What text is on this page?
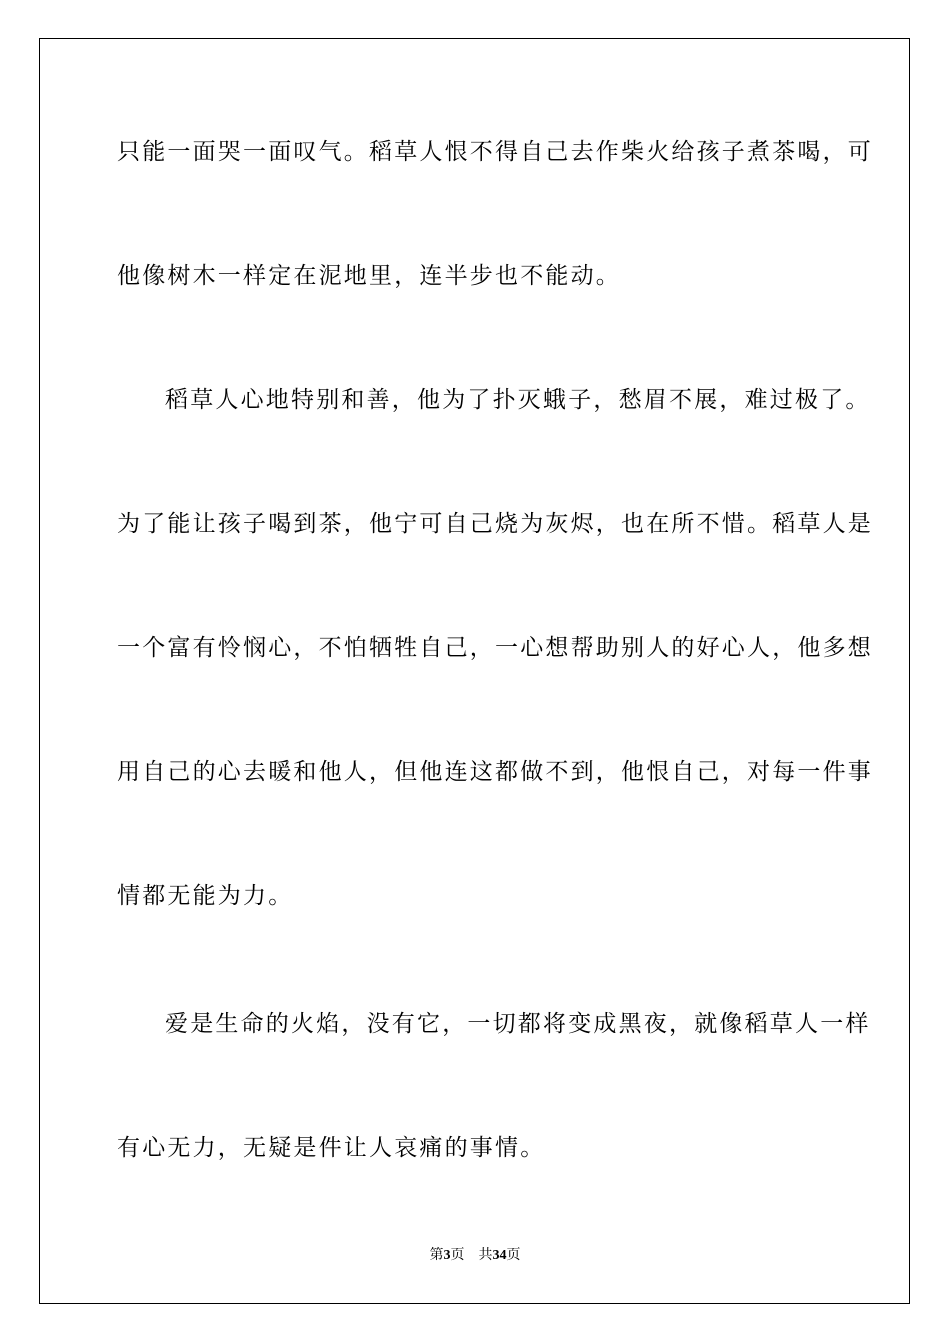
只能一面哭一面叹气。稻草人恨不得自己去作柴火给孩子煮茶喝，可
他像树木一样定在泥地里，连半步也不能动。
稻草人心地特别和善，他为了扑灭蛾子，愁眉不展，难过极了。
为了能让孩子喝到茶，他宁可自己烧为灰烬，也在所不惜。稻草人是
一个富有怜悯心，不怕牺牲自己，一心想帮助别人的好心人，他多想
用自己的心去暖和他人，但他连这都做不到，他恨自己，对每一件事
情都无能为力。
爱是生命的火焰，没有它，一切都将变成黑夜，就像稻草人一样
有心无力，无疑是件让人哀痛的事情。
第3页 共34页
